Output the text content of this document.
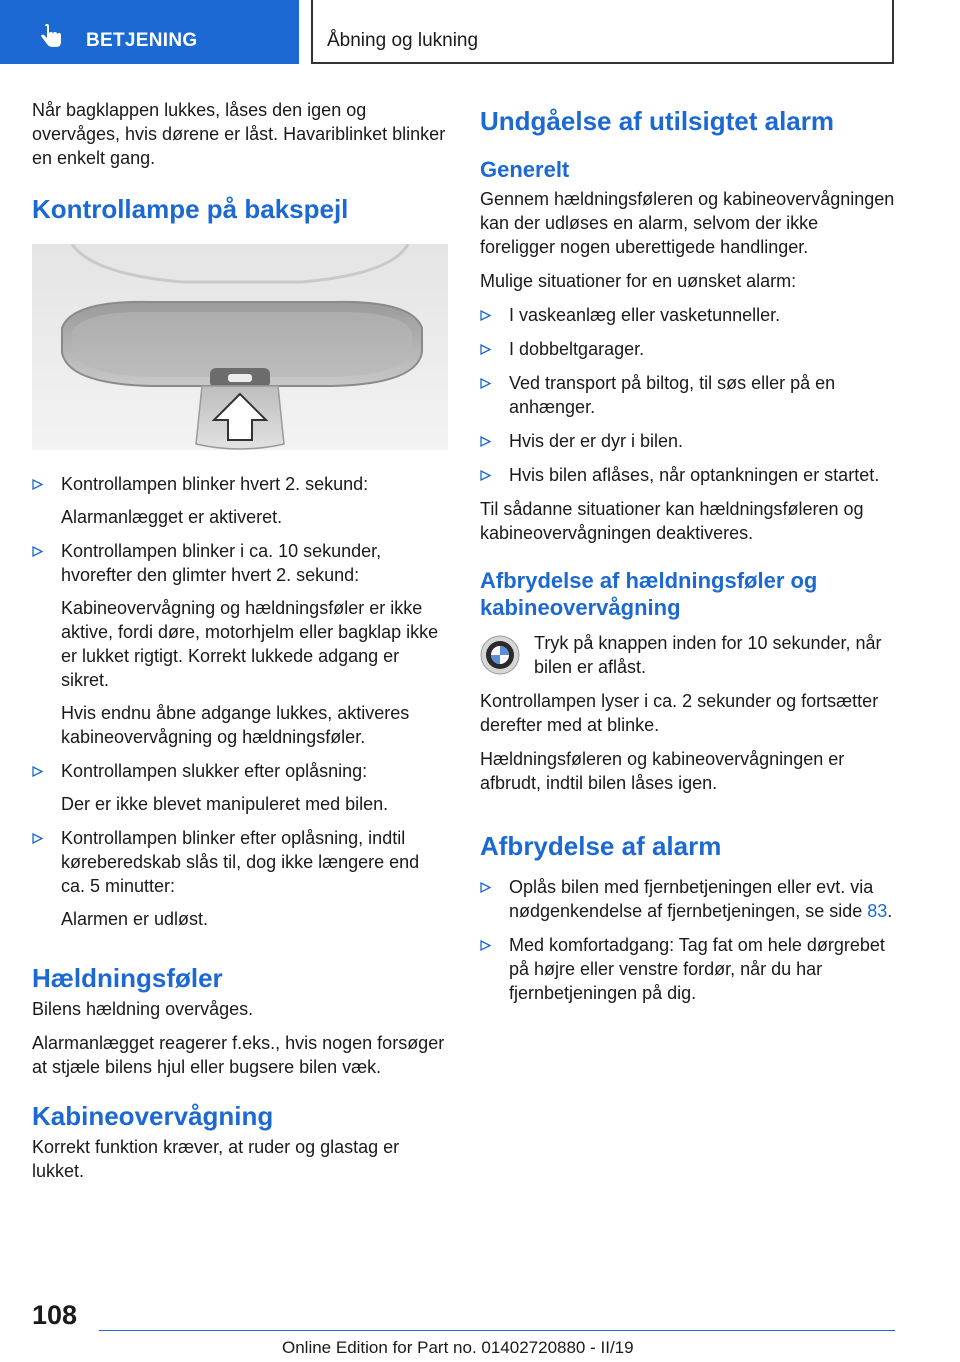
BETJENING	Åbning og lukning

Når bagklappen lukkes, låses den igen og overvåges, hvis dørene er låst. Havariblinket blinker en enkelt gang.

Kontrollampe på bakspejl
Kontrollampen blinker hvert 2. sekund:
Alarmanlægget er aktiveret.
Kontrollampen blinker i ca. 10 sekunder, hvorefter den glimter hvert 2. sekund:
Kabineovervågning og hældningsføler er ikke aktive, fordi døre, motorhjelm eller bagklap ikke er lukket rigtigt. Korrekt lukkede adgang er sikret.
Hvis endnu åbne adgange lukkes, aktiveres kabineovervågning og hældningsføler.
Kontrollampen slukker efter oplåsning:
Der er ikke blevet manipuleret med bilen.
Kontrollampen blinker efter oplåsning, indtil køreberedskab slås til, dog ikke længere end ca. 5 minutter:
Alarmen er udløst.
Hældningsføler

Bilens hældning overvåges.

Alarmanlægget reagerer f.eks., hvis nogen forsøger at stjæle bilens hjul eller bugsere bilen væk.

Kabineovervågning

Korrekt funktion kræver, at ruder og glastag er lukket.

Undgåelse af utilsigtet alarm
Generelt

Gennem hældningsføleren og kabineovervågningen kan der udløses en alarm, selvom der ikke foreligger nogen uberettigede handlinger.

Mulige situationer for en uønsket alarm:

I vaskeanlæg eller vasketunneller.
I dobbeltgarager.
Ved transport på biltog, til søs eller på en anhænger.
Hvis der er dyr i bilen.
Hvis bilen aflåses, når optankningen er startet.

Til sådanne situationer kan hældningsføleren og kabineovervågningen deaktiveres.

Afbrydelse af hældningsføler og kabineovervågning

Tryk på knappen inden for 10 sekunder, når bilen er aflåst.

Kontrollampen lyser i ca. 2 sekunder og fortsætter derefter med at blinke.

Hældningsføleren og kabineovervågningen er afbrudt, indtil bilen låses igen.

Afbrydelse af alarm
Oplås bilen med fjernbetjeningen eller evt. via nødgenkendelse af fjernbetjeningen, se side 83.
Med komfortadgang: Tag fat om hele dørgrebet på højre eller venstre fordør, når du har fjernbetjeningen på dig.
108
Online Edition for Part no. 01402720880 - II/19
